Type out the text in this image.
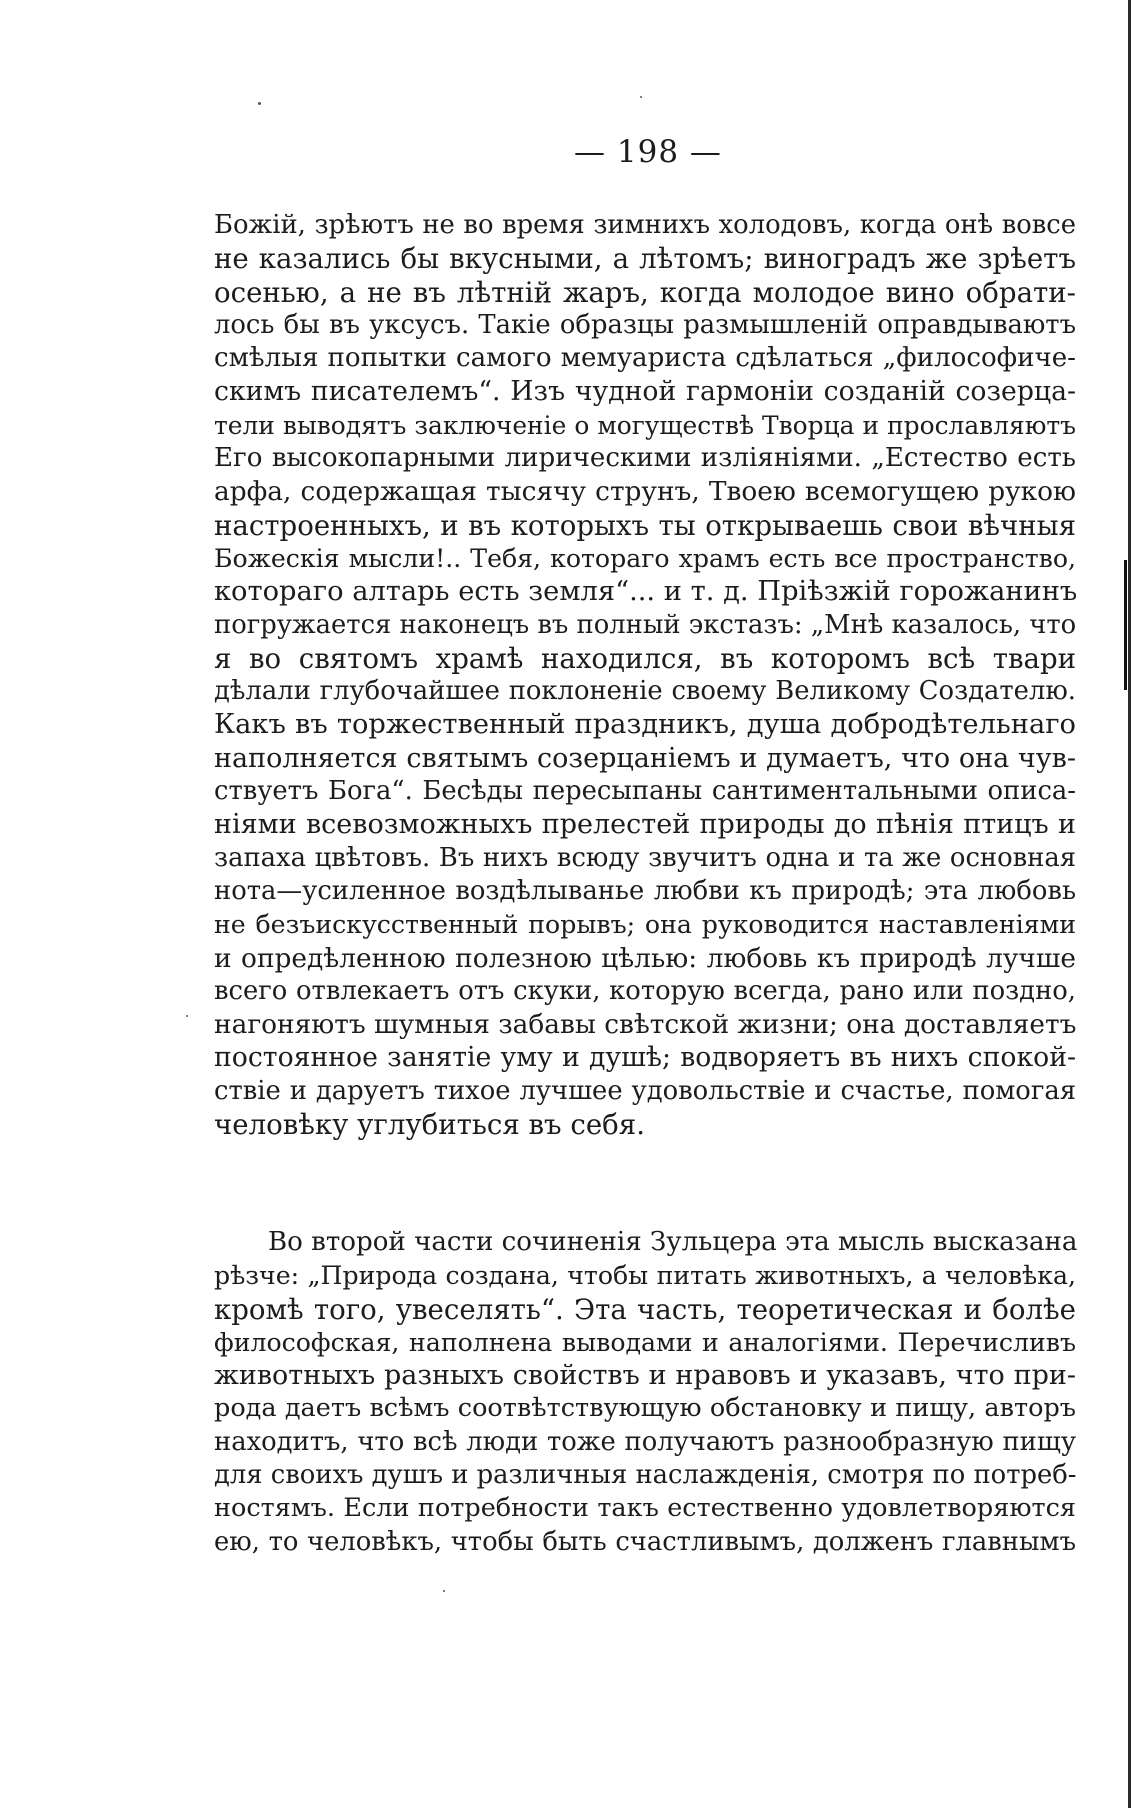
— 198 —
Божій, зрѣютъ не во время зимнихъ холодовъ, когда онѣ вовсе
не казались бы вкусными, а лѣтомъ; виноградъ же зрѣетъ
осенью, а не въ лѣтній жаръ, когда молодое вино обрати-
лось бы въ уксусъ. Такіе образцы размышленій оправдываютъ
смѣлыя попытки самого мемуариста сдѣлаться „философиче-
скимъ писателемъ“. Изъ чудной гармоніи созданій созерца-
тели выводятъ заключеніе о могуществѣ Творца и прославляютъ
Его высокопарными лирическими изліяніями. „Естество есть
арфа, содержащая тысячу струнъ, Твоею всемогущею рукою
настроенныхъ, и въ которыхъ ты открываешь свои вѣчныя
Божескія мысли!.. Тебя, котораго храмъ есть все пространство,
котораго алтарь есть земля“... и т. д. Пріѣзжій горожанинъ
погружается наконецъ въ полный экстазъ: „Мнѣ казалось, что
я во святомъ храмѣ находился, въ которомъ всѣ твари
дѣлали глубочайшее поклоненіе своему Великому Создателю.
Какъ въ торжественный праздникъ, душа добродѣтельнаго
наполняется святымъ созерцаніемъ и думаетъ, что она чув-
ствуетъ Бога“. Бесѣды пересыпаны сантиментальными описа-
ніями всевозможныхъ прелестей природы до пѣнія птицъ и
запаха цвѣтовъ. Въ нихъ всюду звучитъ одна и та же основная
нота—усиленное воздѣлыванье любви къ природѣ; эта любовь
не безъискусственный порывъ; она руководится наставленіями
и опредѣленною полезною цѣлью: любовь къ природѣ лучше
всего отвлекаетъ отъ скуки, которую всегда, рано или поздно,
нагоняютъ шумныя забавы свѣтской жизни; она доставляетъ
постоянное занятіе уму и душѣ; водворяетъ въ нихъ спокой-
ствіе и даруетъ тихое лучшее удовольствіе и счастье, помогая
человѣку углубиться въ себя.
Во второй части сочиненія Зульцера эта мысль высказана
рѣзче: „Природа создана, чтобы питать животныхъ, а человѣка,
кромѣ того, увеселять“. Эта часть, теоретическая и болѣе
философская, наполнена выводами и аналогіями. Перечисливъ
животныхъ разныхъ свойствъ и нравовъ и указавъ, что при-
рода даетъ всѣмъ соотвѣтствующую обстановку и пищу, авторъ
находитъ, что всѣ люди тоже получаютъ разнообразную пищу
для своихъ душъ и различныя наслажденія, смотря по потреб-
ностямъ. Если потребности такъ естественно удовлетворяются
ею, то человѣкъ, чтобы быть счастливымъ, долженъ главнымъ
